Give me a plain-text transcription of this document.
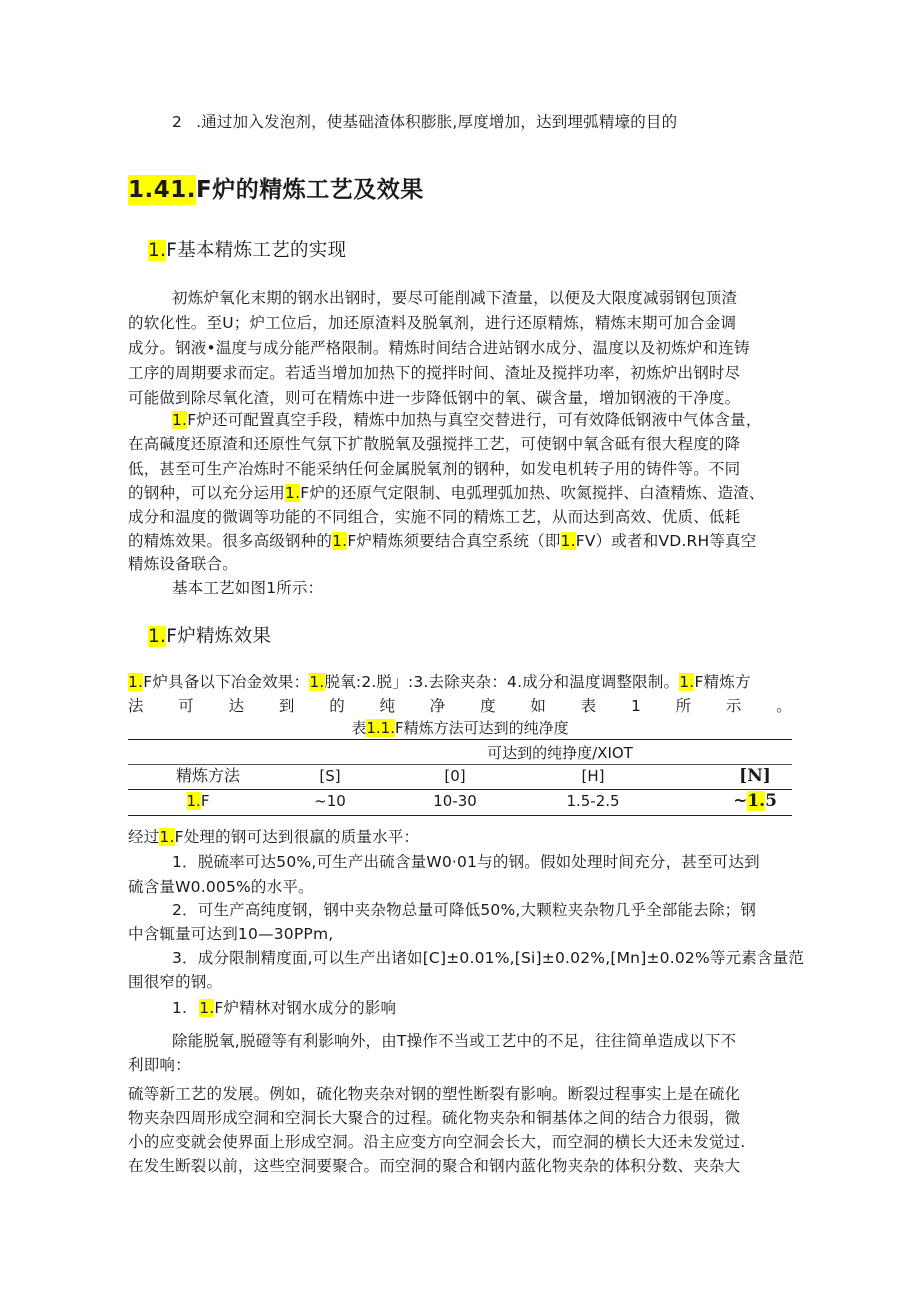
2 .通过加入发泡剂，使基础渣体积膨胀,厚度增加，达到埋弧精壕的目的
1.41.F炉的精炼工艺及效果
1.F基本精炼工艺的实现
初炼炉氧化末期的钢水出钢时，要尽可能削减下渣量，以便及大限度减弱钢包顶渣
的软化性。至U；炉工位后，加还原渣料及脱氧剂，进行还原精炼，精炼末期可加合金调
成分。钢液•温度与成分能严格限制。精炼时间结合进站钢水成分、温度以及初炼炉和连铸
工序的周期要求而定。若适当增加加热下的搅拌时间、渣址及搅拌功率，初炼炉出钢时尽
可能做到除尽氧化渣，则可在精炼中进一步降低钢中的氧、碳含量，增加钢液的干净度。
1.F炉还可配置真空手段，精炼中加热与真空交替进行，可有效降低钢液中气体含量，
在高碱度还原渣和还原性气氛下扩散脱氧及强搅拌工艺，可使钢中氧含砥有很大程度的降
低，甚至可生产冶炼时不能采纳任何金属脱氧剂的钢种，如发电机转子用的铸件等。不同
的钢种，可以充分运用1.F炉的还原气定限制、电弧理弧加热、吹氮搅拌、白渣精炼、造渣、
成分和温度的微调等功能的不同组合，实施不同的精炼工艺，从而达到高效、优质、低耗
的精炼效果。很多高级钢种的1.F炉精炼须要结合真空系统（即1.FV）或者和VD.RH等真空
精炼设备联合。
基本工艺如图1所示：
1.F炉精炼效果
1.F炉具备以下冶金效果：1.脱氧:2.脱」:3.去除夹杂：4.成分和温度调整限制。1.F精炼方
法 可 达 到 的 纯 净 度 如 表 1 所 示 。
表1.1.F精炼方法可达到的纯净度
可达到的纯挣度/XIOT
精炼方法	[S]	[0]	[H]	[N]
1.F	~10	10-30	1.5-2.5	~1.5
经过1.F处理的钢可达到很羸的质量水平：
1．脱硫率可达50%,可生产出硫含量W0·01与的钢。假如处理时间充分，甚至可达到
硫含量W0.005%的水平。
2．可生产高纯度钢，钢中夹杂物总量可降低50%,大颗粒夹杂物几乎全部能去除；钢
中含辄量可达到10—30PPm,
3．成分限制精度面,可以生产出诸如[C]±0.01%,[Si]±0.02%,[Mn]±0.02%等元素含量范
围很窄的钢。
1. 1.F炉精林对钢水成分的影响
除能脱氧,脱磴等有利影响外，由T操作不当或工艺中的不足，往往简单造成以下不
利即响：
硫等新工艺的发展。例如，硫化物夹杂对钢的塑性断裂有影响。断裂过程事实上是在硫化
物夹杂四周形成空洞和空洞长大聚合的过程。硫化物夹杂和铜基体之间的结合力很弱，微
小的应变就会使界面上形成空洞。沿主应变方向空洞会长大，而空洞的横长大还未发觉过.
在发生断裂以前，这些空洞要聚合。而空洞的聚合和钢内蓝化物夹杂的体积分数、夹杂大
